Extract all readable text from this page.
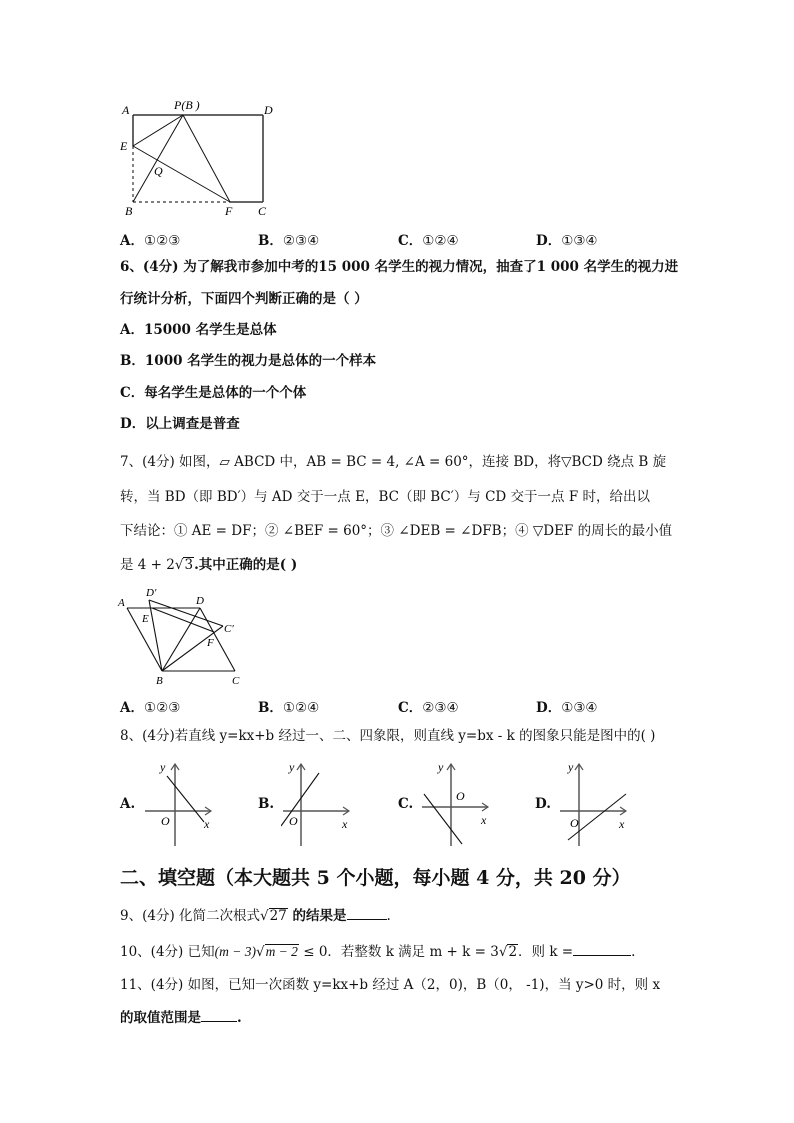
A	P(B )	D
E
Q
B	F C
A．①②③	B．②③④	C．①②④	D．①③④
6、(4分) 为了解我市参加中考的15 000 名学生的视力情况，抽查了1 000 名学生的视力进
行统计分析，下面四个判断正确的是（ ）
A．15000 名学生是总体
B．1000 名学生的视力是总体的一个样本
C．每名学生是总体的一个个体
D．以上调查是普查
7、(4分) 如图，▱ ABCD 中，AB = BC = 4, ∠A = 60°，连接 BD，将▽BCD 绕点 B 旋
转，当 BD（即 BD′）与 AD 交于一点 E，BC（即 BC′）与 CD 交于一点 F 时，给出以
下结论：① AE = DF；② ∠BEF = 60°；③ ∠DEB = ∠DFB；④ ▽DEF 的周长的最小值
是 4 + 2√3.其中正确的是( )
A
D′
D
E
C′
F
B	C
A．①②③	B．①②④	C．②③④	D．①③④
8、(4分)若直线 y=kx+b 经过一、二、四象限，则直线 y=bx - k 的图象只能是图中的( )
A.
y
O	x
B.
y
O	x
C.
y
O
x
D.
y
O	x
二、填空题（本大题共 5 个小题，每小题 4 分，共 20 分）
9、(4分) 化简二次根式√27 的结果是	.
10、(4分) 已知(m − 3)√m − 2 ≤ 0．若整数 k 满足 m + k = 3√2．则 k =	.
11、(4分) 如图，已知一次函数 y=kx+b 经过 A（2，0)，B（0， -1)，当 y>0 时，则 x
的取值范围是	.
